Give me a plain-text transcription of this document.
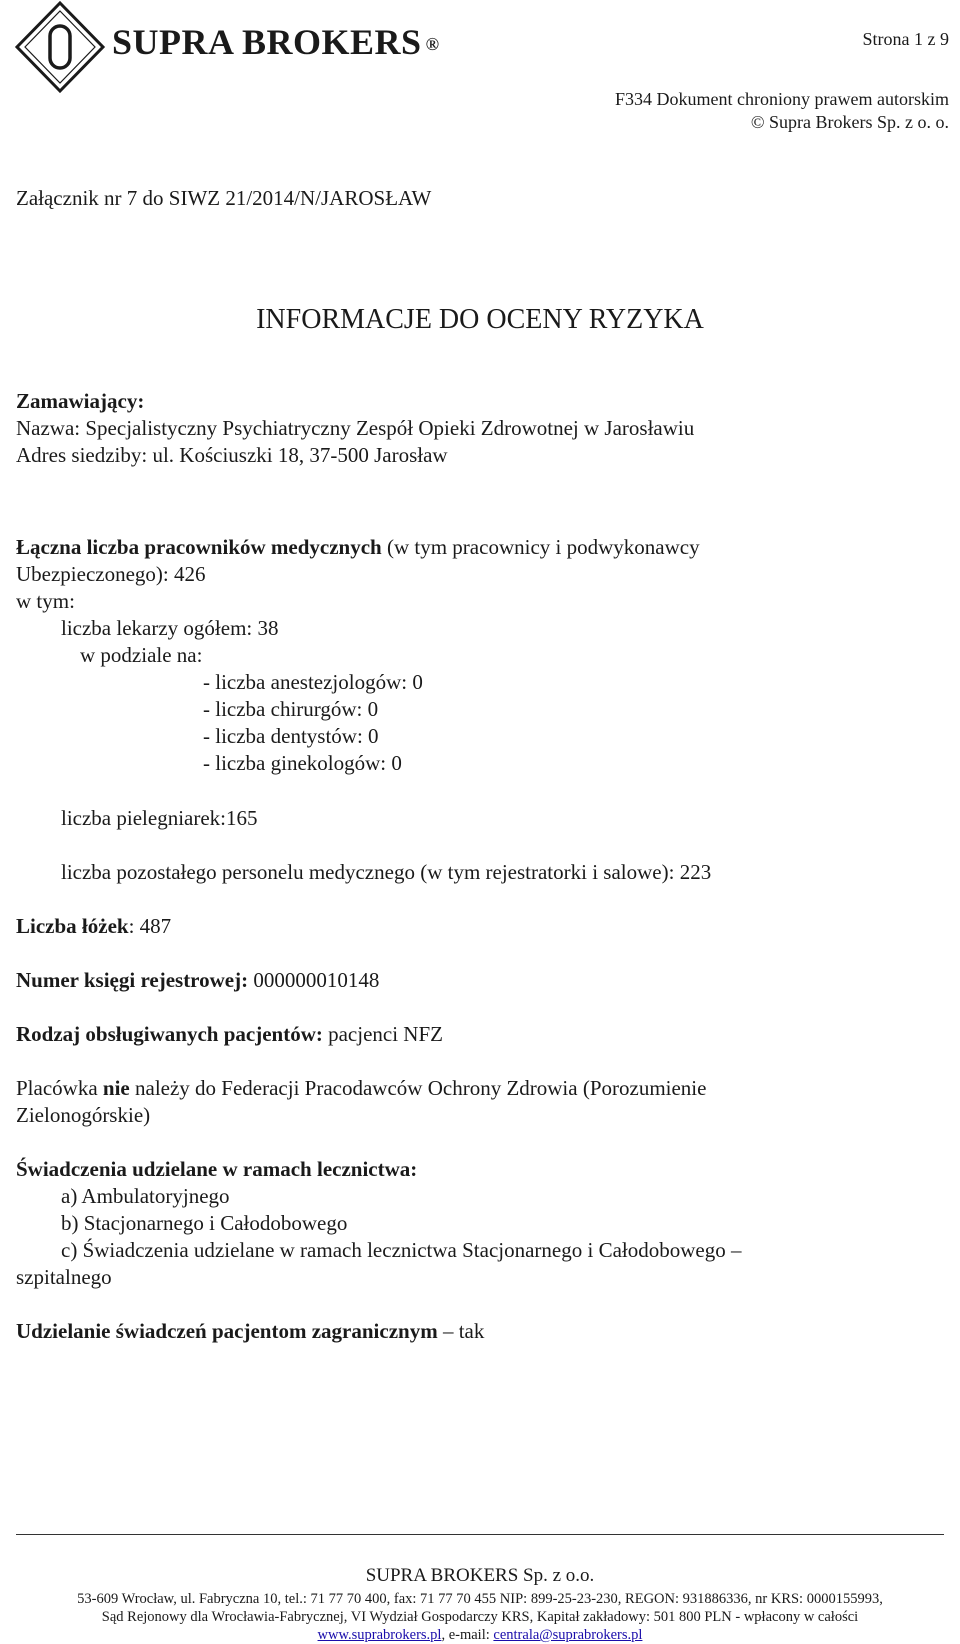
SUPRA BROKERS ®	Strona 1 z 9
F334 Dokument chroniony prawem autorskim
© Supra Brokers Sp. z o. o.
Załącznik nr 7 do SIWZ 21/2014/N/JAROSŁAW
INFORMACJE DO OCENY RYZYKA
Zamawiający:
Nazwa: Specjalistyczny Psychiatryczny Zespół Opieki Zdrowotnej w Jarosławiu
Adres siedziby: ul. Kościuszki 18, 37-500 Jarosław
Łączna liczba pracowników medycznych (w tym pracownicy i podwykonawcy
Ubezpieczonego): 426
w tym:
liczba lekarzy ogółem: 38
w podziale na:
- liczba anestezjologów: 0
- liczba chirurgów: 0
- liczba dentystów: 0
- liczba ginekologów: 0
liczba pielegniarek:165
liczba pozostałego personelu medycznego (w tym rejestratorki i salowe): 223
Liczba łóżek: 487
Numer księgi rejestrowej: 000000010148
Rodzaj obsługiwanych pacjentów: pacjenci NFZ
Placówka nie należy do Federacji Pracodawców Ochrony Zdrowia (Porozumienie
Zielonogórskie)
Świadczenia udzielane w ramach lecznictwa:
a) Ambulatoryjnego
b) Stacjonarnego i Całodobowego
c) Świadczenia udzielane w ramach lecznictwa Stacjonarnego i Całodobowego –
szpitalnego
Udzielanie świadczeń pacjentom zagranicznym – tak
SUPRA BROKERS Sp. z o.o.
53-609 Wrocław, ul. Fabryczna 10, tel.: 71 77 70 400, fax: 71 77 70 455 NIP: 899-25-23-230, REGON: 931886336, nr KRS: 0000155993,
Sąd Rejonowy dla Wrocławia-Fabrycznej, VI Wydział Gospodarczy KRS, Kapitał zakładowy: 501 800 PLN - wpłacony w całości
www.suprabrokers.pl, e-mail: centrala@suprabrokers.pl
